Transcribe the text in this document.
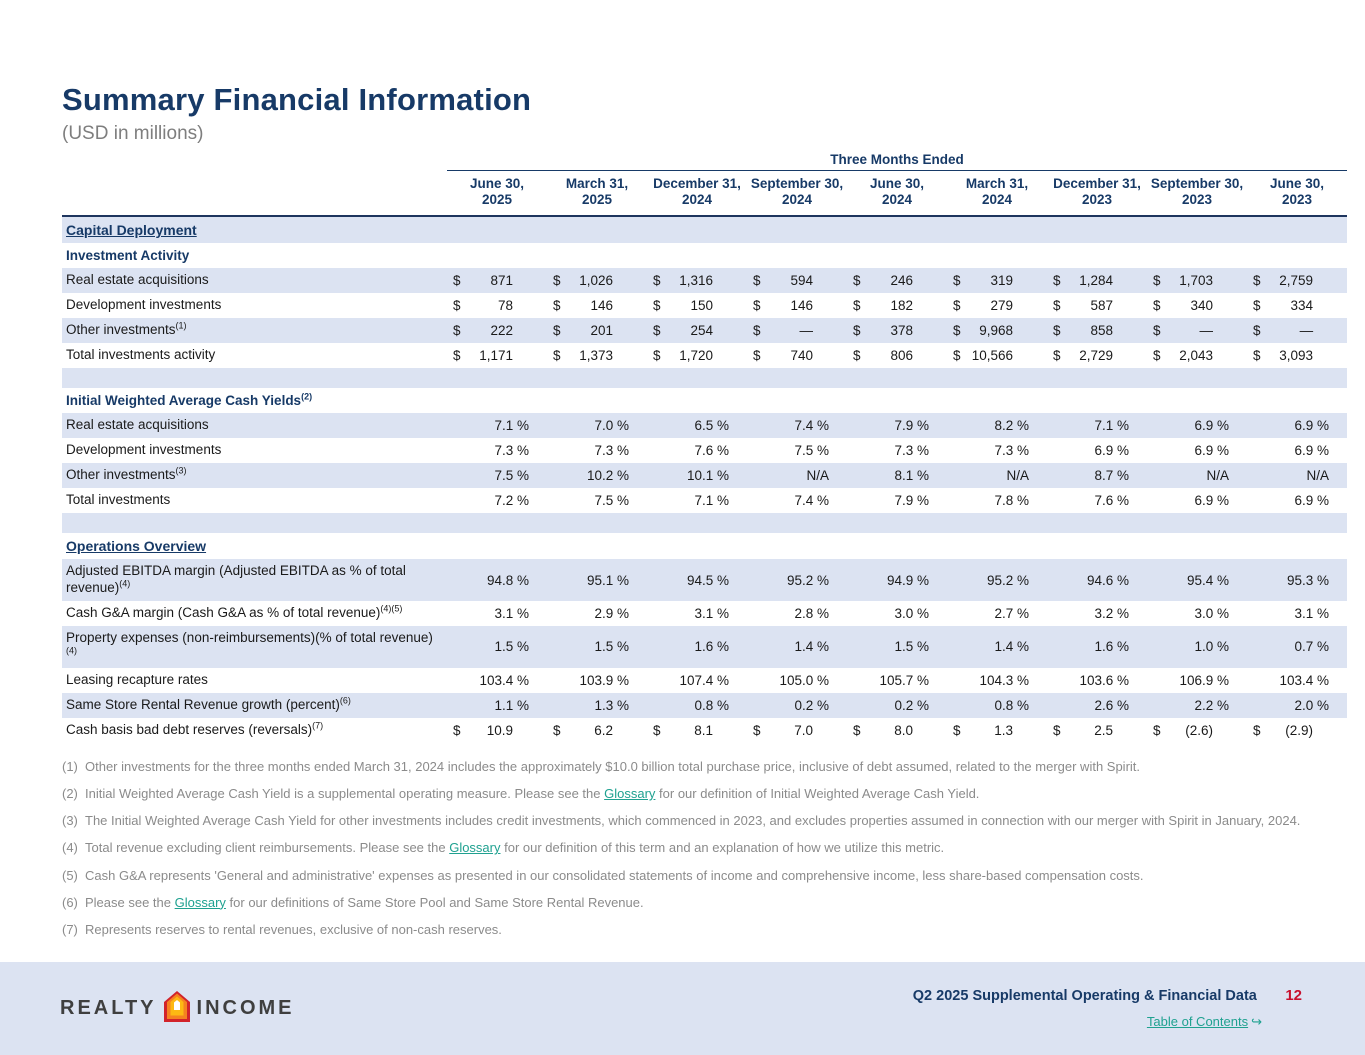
Summary Financial Information
(USD in millions)
	Three Months Ended								

June 30,
2025

March 31,
2025

December 31,
2024

September 30,
2024

June 30,
2024

March 31,
2024

December 31,
2023

September 30,
2023

June 30,
2023

Capital Deployment									
Investment Activity									
Real estate acquisitions	$ 871	$ 1,026	$ 1,316	$ 594	$ 246	$ 319	$ 1,284	$ 1,703	$ 2,759

Development investments	$ 78	$ 146	$ 150	$ 146	$ 182	$ 279	$ 587	$ 340	$ 334

Other investments$^{(1)}$	$ 222	$ 201	$ 254	$ —	$ 378	$ 9,968	$ 858	$ —	$ —

Total investments activity	$ 1,171	$ 1,373	$ 1,720	$ 740	$ 806	$ 10,566	$ 2,729	$ 2,043	$ 3,093

Initial Weighted Average Cash Yields$^{(2)}$
Real estate acquisitions	7.1 %	7.0 %	6.5 %	7.4 %	7.9 %	8.2 %	7.1 %	6.9 %	6.9 %
Development investments	7.3 %	7.3 %	7.6 %	7.5 %	7.3 %	7.3 %	6.9 %	6.9 %	6.9 %
Other investments$^{(3)}$	7.5 %	10.2 %	10.1 %	N/A	8.1 %	N/A	8.7 %	N/A	N/A
Total investments	7.2 %	7.5 %	7.1 %	7.4 %	7.9 %	7.8 %	7.6 %	6.9 %	6.9 %

Operations Overview									
Adjusted EBITDA margin (Adjusted EBITDA as % of total revenue)$^{(4)}$	94.8 %	95.1 %	94.5 %	95.2 %	94.9 %	95.2 %	94.6 %	95.4 %	95.3 %
Cash G&A margin (Cash G&A as % of total revenue)$^{(4)(5)}$	3.1 %	2.9 %	3.1 %	2.8 %	3.0 %	2.7 %	3.2 %	3.0 %	3.1 %
Property expenses (non-reimbursements)(% of total revenue)$^{(4)}$	1.5 %	1.5 %	1.6 %	1.4 %	1.5 %	1.4 %	1.6 %	1.0 %	0.7 %
Leasing recapture rates	103.4 %	103.9 %	107.4 %	105.0 %	105.7 %	104.3 %	103.6 %	106.9 %	103.4 %
Same Store Rental Revenue growth (percent)$^{(6)}$	1.1 %	1.3 %	0.8 %	0.2 %	0.2 %	0.8 %	2.6 %	2.2 %	2.0 %
Cash basis bad debt reserves (reversals)$^{(7)}$	$ 10.9	$ 6.2	$ 8.1	$ 7.0	$ 8.0	$ 1.3	$ 2.5	$ (2.6)	$ (2.9)
(1) Other investments for the three months ended March 31, 2024 includes the approximately $10.0 billion total purchase price, inclusive of debt assumed, related to the merger with Spirit.
(2) Initial Weighted Average Cash Yield is a supplemental operating measure. Please see the Glossary for our definition of Initial Weighted Average Cash Yield.
(3) The Initial Weighted Average Cash Yield for other investments includes credit investments, which commenced in 2023, and excludes properties assumed in connection with our merger with Spirit in January, 2024.
(4) Total revenue excluding client reimbursements. Please see the Glossary for our definition of this term and an explanation of how we utilize this metric.
(5) Cash G&A represents 'General and administrative' expenses as presented in our consolidated statements of income and comprehensive income, less share-based compensation costs.
(6) Please see the Glossary for our definitions of Same Store Pool and Same Store Rental Revenue.
(7) Represents reserves to rental revenues, exclusive of non-cash reserves.
REALTY INCOME
Q2 2025 Supplemental Operating & Financial Data 12
Table of Contents ↪
